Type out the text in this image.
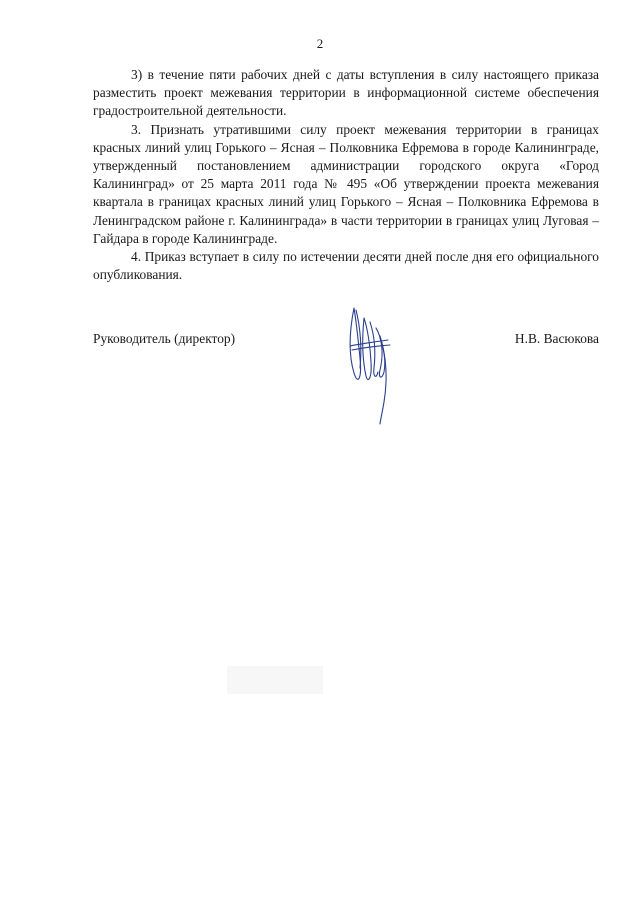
2

3) в течение пяти рабочих дней с даты вступления в силу настоящего приказа разместить проект межевания территории в информационной системе обеспечения градостроительной деятельности.

3. Признать утратившими силу проект межевания территории в границах красных линий улиц Горького – Ясная – Полковника Ефремова в городе Калининграде, утвержденный постановлением администрации городского округа «Город Калининград» от 25 марта 2011 года № 495 «Об утверждении проекта межевания квартала в границах красных линий улиц Горького – Ясная – Полковника Ефремова в Ленинградском районе г. Калининграда» в части территории в границах улиц Луговая – Гайдара в городе Калининграде.

4. Приказ вступает в силу по истечении десяти дней после дня его официального опубликования.

Руководитель (директор)	Н.В. Васюкова
